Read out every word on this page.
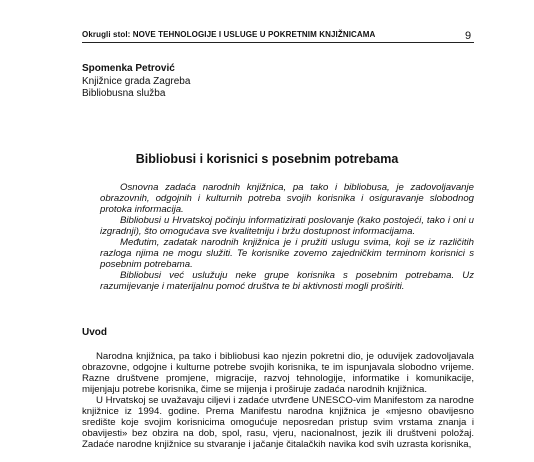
Okrugli stol: NOVE TEHNOLOGIJE I USLUGE U POKRETNIM KNJIŽNICAMA	9
Spomenka Petrović
Knjižnice grada Zagreba
Bibliobusna služba
Bibliobusi i korisnici s posebnim potrebama

Osnovna zadaća narodnih knjižnica, pa tako i bibliobusa, je zadovoljavanje obrazovnih, odgojnih i kulturnih potreba svojih korisnika i osiguravanje slobodnog protoka informacija.

Bibliobusi u Hrvatskoj počinju informatizirati poslovanje (kako postojeći, tako i oni u izgradnji), što omogućava sve kvalitetniju i bržu dostupnost informacijama.

Međutim, zadatak narodnih knjižnica je i pružiti uslugu svima, koji se iz različitih razloga njima ne mogu služiti. Te korisnike zovemo zajedničkim terminom korisnici s posebnim potrebama.

Bibliobusi već uslužuju neke grupe korisnika s posebnim potrebama. Uz razumijevanje i materijalnu pomoć društva te bi aktivnosti mogli proširiti.

Uvod

Narodna knjižnica, pa tako i bibliobusi kao njezin pokretni dio, je oduvijek zadovoljavala obrazovne, odgojne i kulturne potrebe svojih korisnika, te im ispunjavala slobodno vrijeme. Razne društvene promjene, migracije, razvoj tehnologije, informatike i komunikacije, mijenjaju potrebe korisnika, čime se mijenja i proširuje zadaća narodnih knjižnica.

U Hrvatskoj se uvažavaju ciljevi i zadaće utvrđene UNESCO-vim Manifestom za narodne knjižnice iz 1994. godine. Prema Manifestu narodna knjižnica je «mjesno obavijesno središte koje svojim korisnicima omogućuje neposredan pristup svim vrstama znanja i obavijesti» bez obzira na dob, spol, rasu, vjeru, nacionalnost, jezik ili društveni položaj. Zadaće narodne knjižnice su stvaranje i jačanje čitalačkih navika kod svih uzrasta korisnika,
